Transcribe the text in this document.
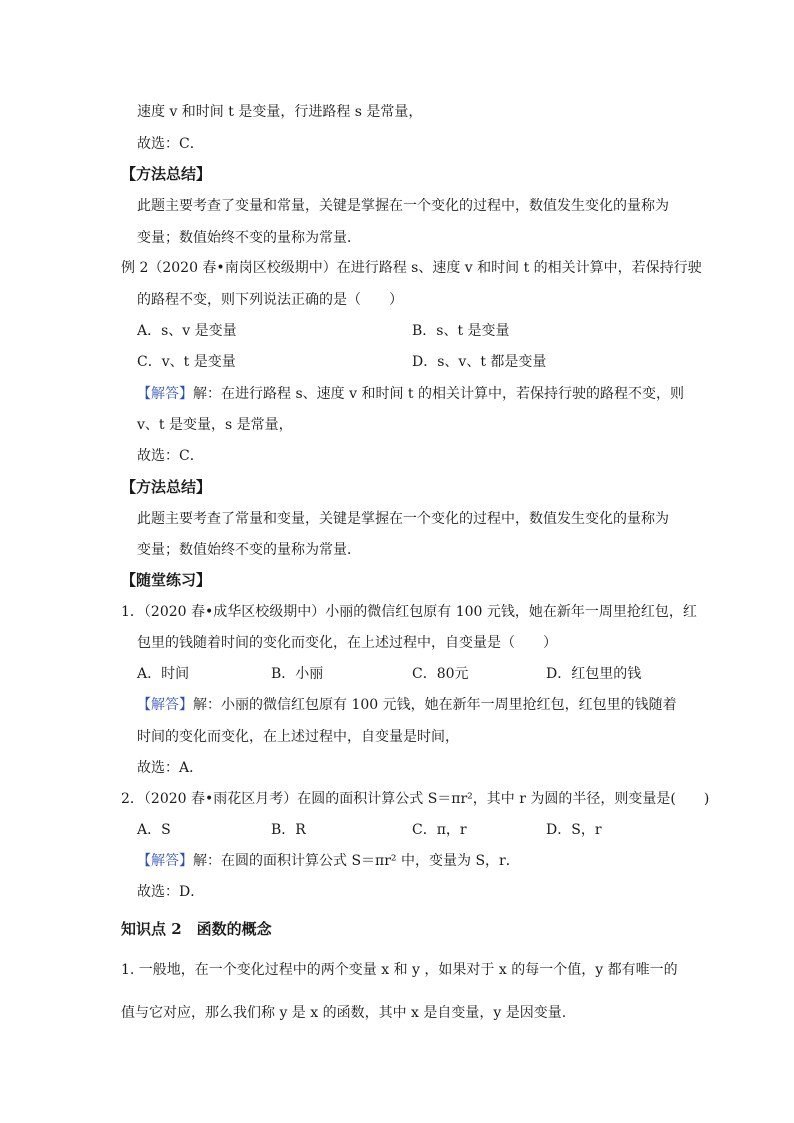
速度 v 和时间 t 是变量，行进路程 s 是常量，
故选：C．
【方法总结】
此题主要考查了变量和常量，关键是掌握在一个变化的过程中，数值发生变化的量称为
变量；数值始终不变的量称为常量．
例 2（2020 春•南岗区校级期中）在进行路程 s、速度 v 和时间 t 的相关计算中，若保持行驶
的路程不变，则下列说法正确的是（　　）
A．s、v 是变量	B．s、t 是变量
C．v、t 是变量	D．s、v、t 都是变量
【解答】解：在进行路程 s、速度 v 和时间 t 的相关计算中，若保持行驶的路程不变，则
v、t 是变量，s 是常量，
故选：C．
【方法总结】
此题主要考查了常量和变量，关键是掌握在一个变化的过程中，数值发生变化的量称为
变量；数值始终不变的量称为常量．
【随堂练习】
1．（2020 春•成华区校级期中）小丽的微信红包原有 100 元钱，她在新年一周里抢红包，红
包里的钱随着时间的变化而变化，在上述过程中，自变量是（　　）
A．时间	B．小丽	C．80元	D．红包里的钱
【解答】解：小丽的微信红包原有 100 元钱，她在新年一周里抢红包，红包里的钱随着
时间的变化而变化，在上述过程中，自变量是时间，
故选：A．
2．（2020 春•雨花区月考）在圆的面积计算公式 S＝πr²，其中 r 为圆的半径，则变量是(　　)
A．S	B．R	C．π，r	D．S，r
【解答】解：在圆的面积计算公式 S＝πr² 中，变量为 S，r．
故选：D．
知识点 2　函数的概念
1. 一般地，在一个变化过程中的两个变量 x 和 y ，如果对于 x 的每一个值，y 都有唯一的
值与它对应，那么我们称 y 是 x 的函数，其中 x 是自变量，y 是因变量.
